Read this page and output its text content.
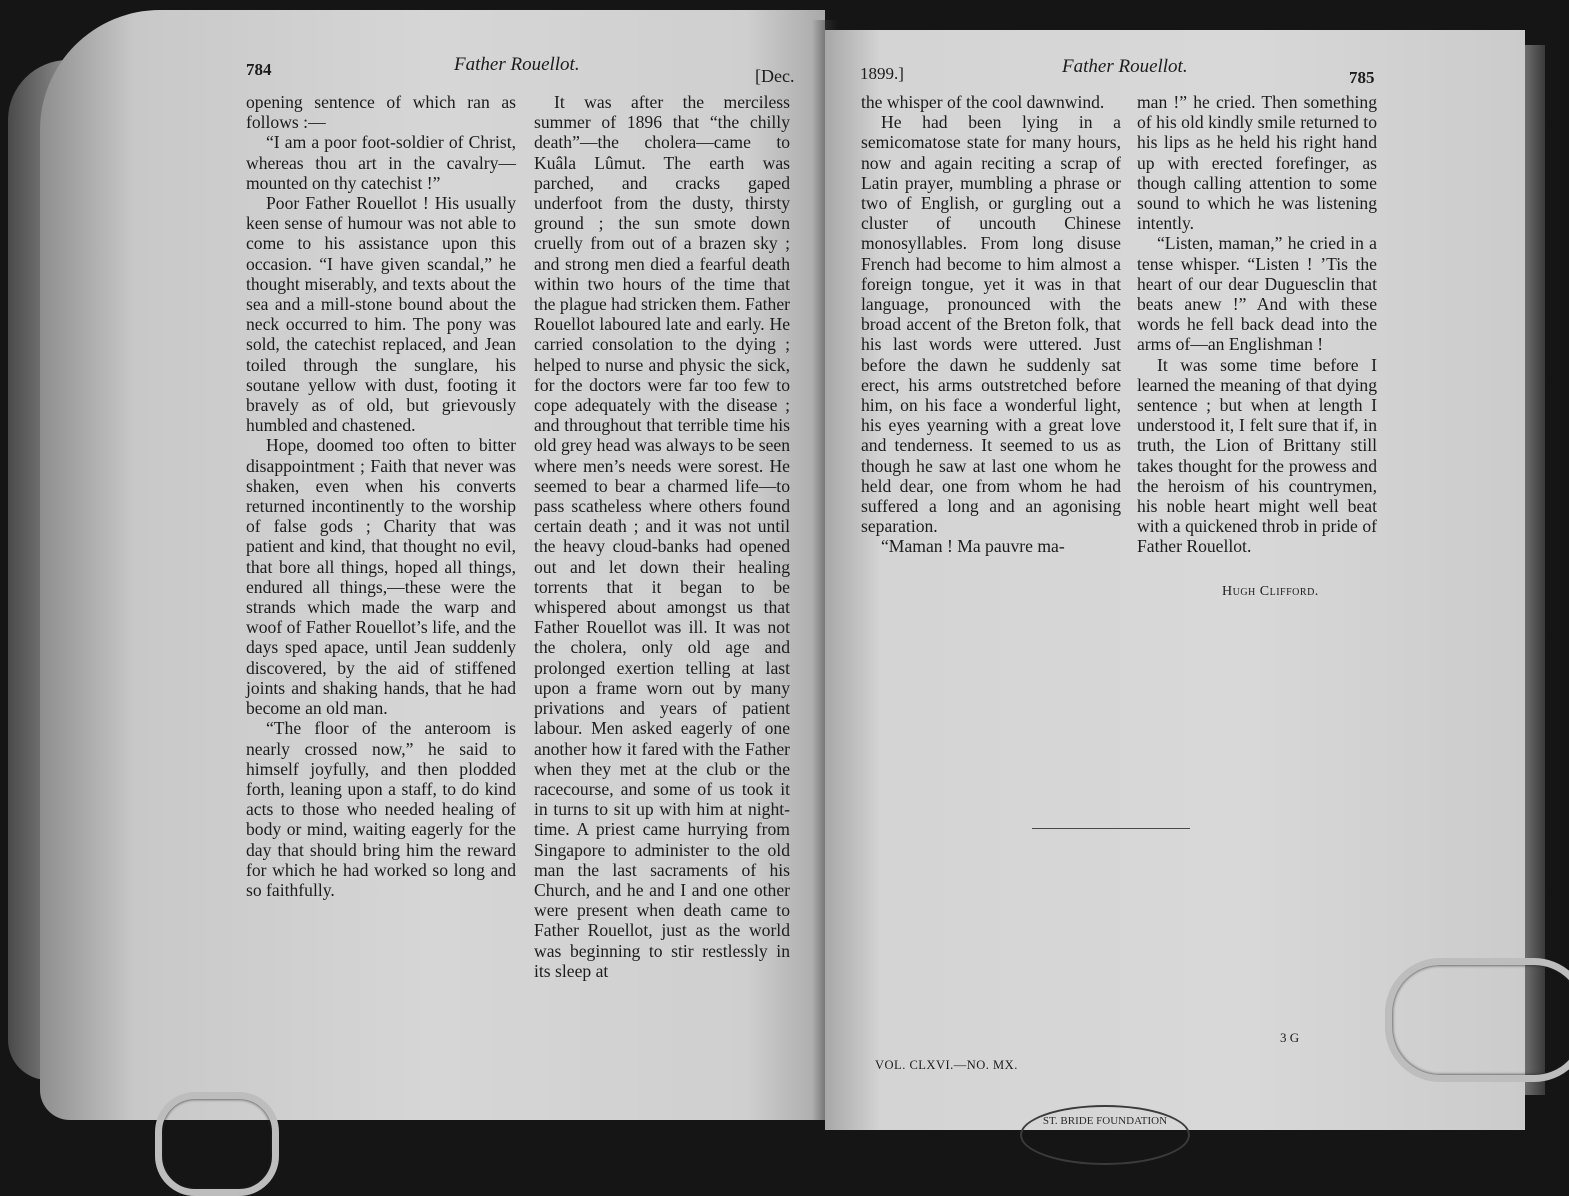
784	Father Rouellot.
[Dec.

opening sentence of which ran as follows :—

“I am a poor foot-soldier of Christ, whereas thou art in the cavalry—mounted on thy catechist !”

Poor Father Rouellot ! His usually keen sense of humour was not able to come to his assistance upon this occasion. “I have given scandal,” he thought miserably, and texts about the sea and a mill-stone bound about the neck occurred to him. The pony was sold, the catechist replaced, and Jean toiled through the sunglare, his soutane yellow with dust, footing it bravely as of old, but grievously humbled and chastened.

Hope, doomed too often to bitter disappointment ; Faith that never was shaken, even when his converts returned incontinently to the worship of false gods ; Charity that was patient and kind, that thought no evil, that bore all things, hoped all things, endured all things,—these were the strands which made the warp and woof of Father Rouellot’s life, and the days sped apace, until Jean suddenly discovered, by the aid of stiffened joints and shaking hands, that he had become an old man.

“The floor of the anteroom is nearly crossed now,” he said to himself joyfully, and then plodded forth, leaning upon a staff, to do kind acts to those who needed healing of body or mind, waiting eagerly for the day that should bring him the reward for which he had worked so long and so faithfully.

It was after the merciless summer of 1896 that “the chilly death”—the cholera—came to Kuâla Lûmut. The earth was parched, and cracks gaped underfoot from the dusty, thirsty ground ; the sun smote down cruelly from out of a brazen sky ; and strong men died a fearful death within two hours of the time that the plague had stricken them. Father Rouellot laboured late and early. He carried consolation to the dying ; helped to nurse and physic the sick, for the doctors were far too few to cope adequately with the disease ; and throughout that terrible time his old grey head was always to be seen where men’s needs were sorest. He seemed to bear a charmed life—to pass scatheless where others found certain death ; and it was not until the heavy cloud-banks had opened out and let down their healing torrents that it began to be whispered about amongst us that Father Rouellot was ill. It was not the cholera, only old age and prolonged exertion telling at last upon a frame worn out by many privations and years of patient labour. Men asked eagerly of one another how it fared with the Father when they met at the club or the racecourse, and some of us took it in turns to sit up with him at night-time. A priest came hurrying from Singapore to administer to the old man the last sacraments of his Church, and he and I and one other were present when death came to Father Rouellot, just as the world was beginning to stir restlessly in its sleep at

1899.]	Father Rouellot.
785

the whisper of the cool dawnwind.

He had been lying in a semicomatose state for many hours, now and again reciting a scrap of Latin prayer, mumbling a phrase or two of English, or gurgling out a cluster of uncouth Chinese monosyllables. From long disuse French had become to him almost a foreign tongue, yet it was in that language, pronounced with the broad accent of the Breton folk, that his last words were uttered. Just before the dawn he suddenly sat erect, his arms outstretched before him, on his face a wonderful light, his eyes yearning with a great love and tenderness. It seemed to us as though he saw at last one whom he held dear, one from whom he had suffered a long and an agonising separation.

“Maman ! Ma pauvre ma-

man !” he cried. Then something of his old kindly smile returned to his lips as he held his right hand up with erected forefinger, as though calling attention to some sound to which he was listening intently.

“Listen, maman,” he cried in a tense whisper. “Listen ! ’Tis the heart of our dear Duguesclin that beats anew !” And with these words he fell back dead into the arms of—an Englishman !

It was some time before I learned the meaning of that dying sentence ; but when at length I understood it, I felt sure that if, in truth, the Lion of Brittany still takes thought for the prowess and the heroism of his countrymen, his noble heart might well beat with a quickened throb in pride of Father Rouellot.

Hugh Clifford.
3 G
VOL. CLXVI.—NO. MX.
ST. BRIDE FOUNDATION
